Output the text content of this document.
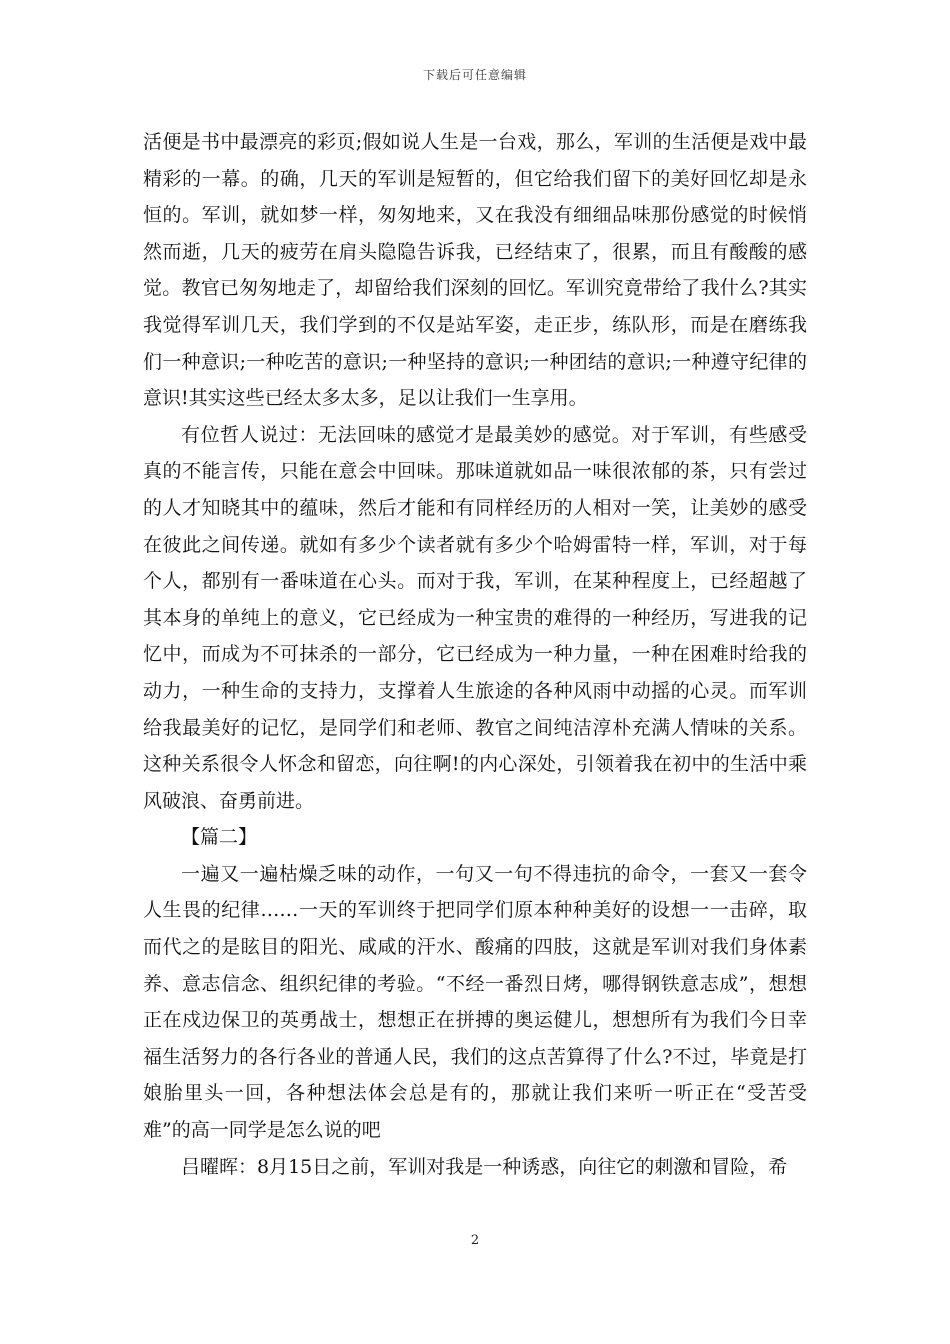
下载后可任意编辑

活便是书中最漂亮的彩页;假如说人生是一台戏，那么，军训的生活便是戏中最精彩的一幕。的确，几天的军训是短暂的，但它给我们留下的美好回忆却是永恒的。军训，就如梦一样，匆匆地来，又在我没有细细品味那份感觉的时候悄然而逝，几天的疲劳在肩头隐隐告诉我，已经结束了，很累，而且有酸酸的感觉。教官已匆匆地走了，却留给我们深刻的回忆。军训究竟带给了我什么?其实我觉得军训几天，我们学到的不仅是站军姿，走正步，练队形，而是在磨练我们一种意识;一种吃苦的意识;一种坚持的意识;一种团结的意识;一种遵守纪律的意识!其实这些已经太多太多，足以让我们一生享用。

有位哲人说过：无法回味的感觉才是最美妙的感觉。对于军训，有些感受真的不能言传，只能在意会中回味。那味道就如品一味很浓郁的茶，只有尝过的人才知晓其中的蕴味，然后才能和有同样经历的人相对一笑，让美妙的感受在彼此之间传递。就如有多少个读者就有多少个哈姆雷特一样，军训，对于每个人，都别有一番味道在心头。而对于我，军训，在某种程度上，已经超越了其本身的单纯上的意义，它已经成为一种宝贵的难得的一种经历，写进我的记忆中，而成为不可抹杀的一部分，它已经成为一种力量，一种在困难时给我的动力，一种生命的支持力，支撑着人生旅途的各种风雨中动摇的心灵。而军训给我最美好的记忆，是同学们和老师、教官之间纯洁淳朴充满人情味的关系。这种关系很令人怀念和留恋，向往啊!的内心深处，引领着我在初中的生活中乘风破浪、奋勇前进。

【篇二】

一遍又一遍枯燥乏味的动作，一句又一句不得违抗的命令，一套又一套令人生畏的纪律……一天的军训终于把同学们原本种种美好的设想一一击碎，取而代之的是眩目的阳光、咸咸的汗水、酸痛的四肢，这就是军训对我们身体素养、意志信念、组织纪律的考验。“不经一番烈日烤，哪得钢铁意志成”，想想正在戍边保卫的英勇战士，想想正在拼搏的奥运健儿，想想所有为我们今日幸福生活努力的各行各业的普通人民，我们的这点苦算得了什么?不过，毕竟是打娘胎里头一回，各种想法体会总是有的，那就让我们来听一听正在“受苦受难”的高一同学是怎么说的吧

吕曜晖：8月15日之前，军训对我是一种诱惑，向往它的刺激和冒险，希

2
